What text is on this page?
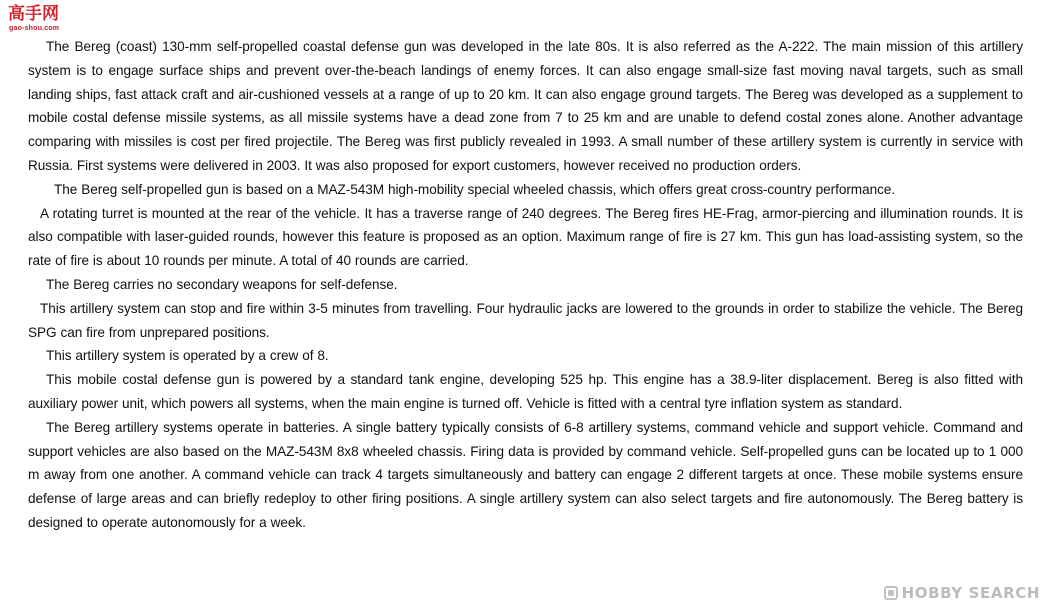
高手网
gao-shou.com

The Bereg (coast) 130-mm self-propelled coastal defense gun was developed in the late 80s. It is also referred as the A-222. The main mission of this artillery system is to engage surface ships and prevent over-the-beach landings of enemy forces. It can also engage small-size fast moving naval targets, such as small landing ships, fast attack craft and air-cushioned vessels at a range of up to 20 km. It can also engage ground targets. The Bereg was developed as a supplement to mobile costal defense missile systems, as all missile systems have a dead zone from 7 to 25 km and are unable to defend costal zones alone. Another advantage comparing with missiles is cost per fired projectile. The Bereg was first publicly revealed in 1993. A small number of these artillery system is currently in service with Russia. First systems were delivered in 2003. It was also proposed for export customers, however received no production orders.

The Bereg self-propelled gun is based on a MAZ-543M high-mobility special wheeled chassis, which offers great cross-country performance.

A rotating turret is mounted at the rear of the vehicle. It has a traverse range of 240 degrees. The Bereg fires HE-Frag, armor-piercing and illumination rounds. It is also compatible with laser-guided rounds, however this feature is proposed as an option. Maximum range of fire is 27 km. This gun has load-assisting system, so the rate of fire is about 10 rounds per minute. A total of 40 rounds are carried.

The Bereg carries no secondary weapons for self-defense.

This artillery system can stop and fire within 3-5 minutes from travelling. Four hydraulic jacks are lowered to the grounds in order to stabilize the vehicle. The Bereg SPG can fire from unprepared positions.

This artillery system is operated by a crew of 8.

This mobile costal defense gun is powered by a standard tank engine, developing 525 hp. This engine has a 38.9-liter displacement. Bereg is also fitted with auxiliary power unit, which powers all systems, when the main engine is turned off. Vehicle is fitted with a central tyre inflation system as standard.

The Bereg artillery systems operate in batteries. A single battery typically consists of 6-8 artillery systems, command vehicle and support vehicle. Command and support vehicles are also based on the MAZ-543M 8x8 wheeled chassis. Firing data is provided by command vehicle. Self-propelled guns can be located up to 1 000 m away from one another. A command vehicle can track 4 targets simultaneously and battery can engage 2 different targets at once. These mobile systems ensure defense of large areas and can briefly redeploy to other firing positions. A single artillery system can also select targets and fire autonomously. The Bereg battery is designed to operate autonomously for a week.

HOBBY SEARCH
